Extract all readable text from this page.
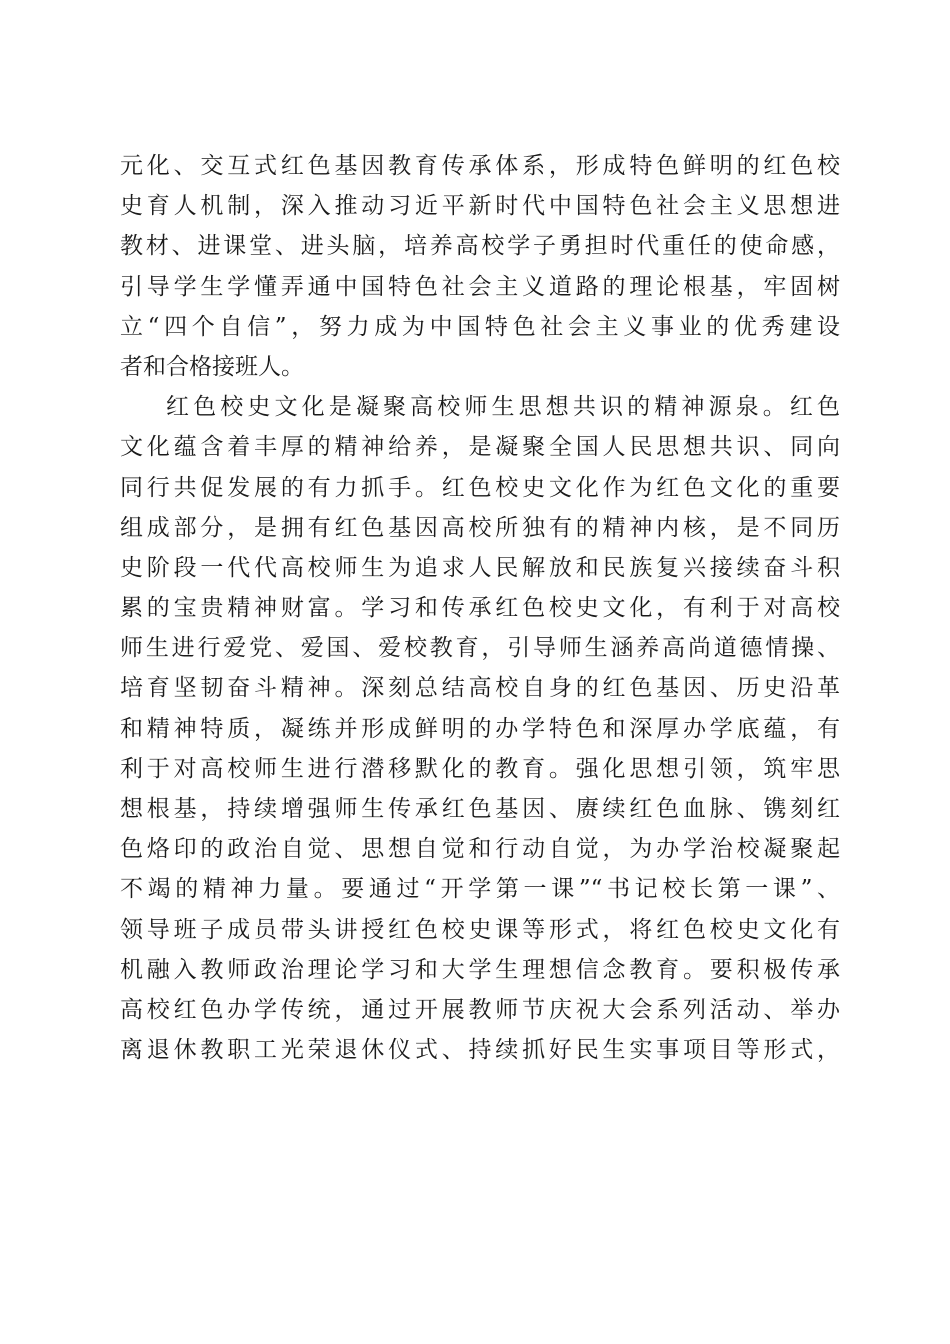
元化、交互式红色基因教育传承体系，形成特色鲜明的红色校
史育人机制，深入推动习近平新时代中国特色社会主义思想进
教材、进课堂、进头脑，培养高校学子勇担时代重任的使命感，
引导学生学懂弄通中国特色社会主义道路的理论根基，牢固树
立“四个自信”，努力成为中国特色社会主义事业的优秀建设
者和合格接班人。
红色校史文化是凝聚高校师生思想共识的精神源泉。红色
文化蕴含着丰厚的精神给养，是凝聚全国人民思想共识、同向
同行共促发展的有力抓手。红色校史文化作为红色文化的重要
组成部分，是拥有红色基因高校所独有的精神内核，是不同历
史阶段一代代高校师生为追求人民解放和民族复兴接续奋斗积
累的宝贵精神财富。学习和传承红色校史文化，有利于对高校
师生进行爱党、爱国、爱校教育，引导师生涵养高尚道德情操、
培育坚韧奋斗精神。深刻总结高校自身的红色基因、历史沿革
和精神特质，凝练并形成鲜明的办学特色和深厚办学底蕴，有
利于对高校师生进行潜移默化的教育。强化思想引领，筑牢思
想根基，持续增强师生传承红色基因、赓续红色血脉、镌刻红
色烙印的政治自觉、思想自觉和行动自觉，为办学治校凝聚起
不竭的精神力量。要通过“开学第一课”“书记校长第一课”、
领导班子成员带头讲授红色校史课等形式，将红色校史文化有
机融入教师政治理论学习和大学生理想信念教育。要积极传承
高校红色办学传统，通过开展教师节庆祝大会系列活动、举办
离退休教职工光荣退休仪式、持续抓好民生实事项目等形式，
